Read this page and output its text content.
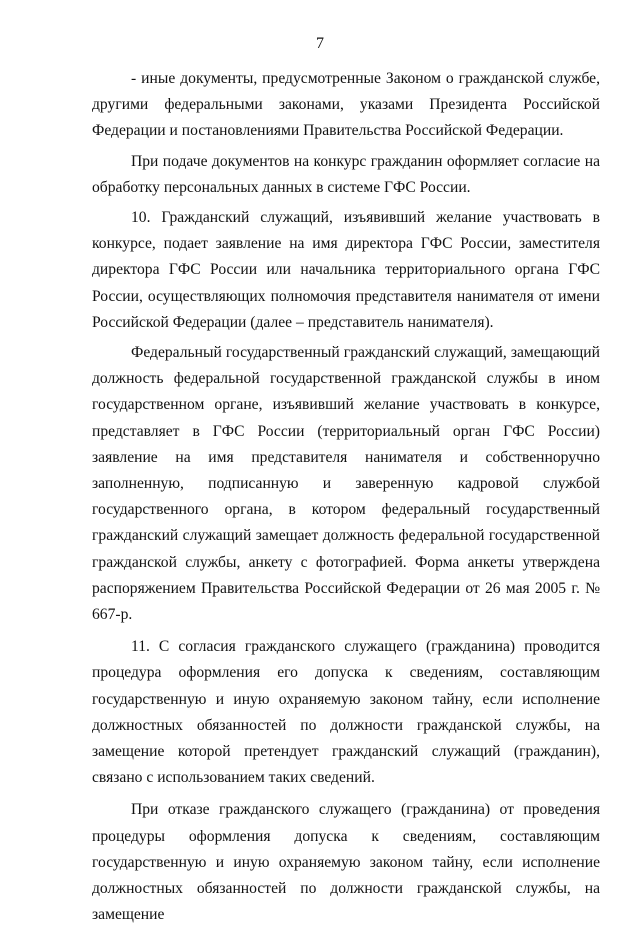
7

- иные документы, предусмотренные Законом о гражданской службе, другими федеральными законами, указами Президента Российской Федерации и постановлениями Правительства Российской Федерации.

При подаче документов на конкурс гражданин оформляет согласие на обработку персональных данных в системе ГФС России.

10. Гражданский служащий, изъявивший желание участвовать в конкурсе, подает заявление на имя директора ГФС России, заместителя директора ГФС России или начальника территориального органа ГФС России, осуществляющих полномочия представителя нанимателя от имени Российской Федерации (далее – представитель нанимателя).

Федеральный государственный гражданский служащий, замещающий должность федеральной государственной гражданской службы в ином государственном органе, изъявивший желание участвовать в конкурсе, представляет в ГФС России (территориальный орган ГФС России) заявление на имя представителя нанимателя и собственноручно заполненную, подписанную и заверенную кадровой службой государственного органа, в котором федеральный государственный гражданский служащий замещает должность федеральной государственной гражданской службы, анкету с фотографией. Форма анкеты утверждена распоряжением Правительства Российской Федерации от 26 мая 2005 г. № 667-р.

11. С согласия гражданского служащего (гражданина) проводится процедура оформления его допуска к сведениям, составляющим государственную и иную охраняемую законом тайну, если исполнение должностных обязанностей по должности гражданской службы, на замещение которой претендует гражданский служащий (гражданин), связано с использованием таких сведений.

При отказе гражданского служащего (гражданина) от проведения процедуры оформления допуска к сведениям, составляющим государственную и иную охраняемую законом тайну, если исполнение должностных обязанностей по должности гражданской службы, на замещение
